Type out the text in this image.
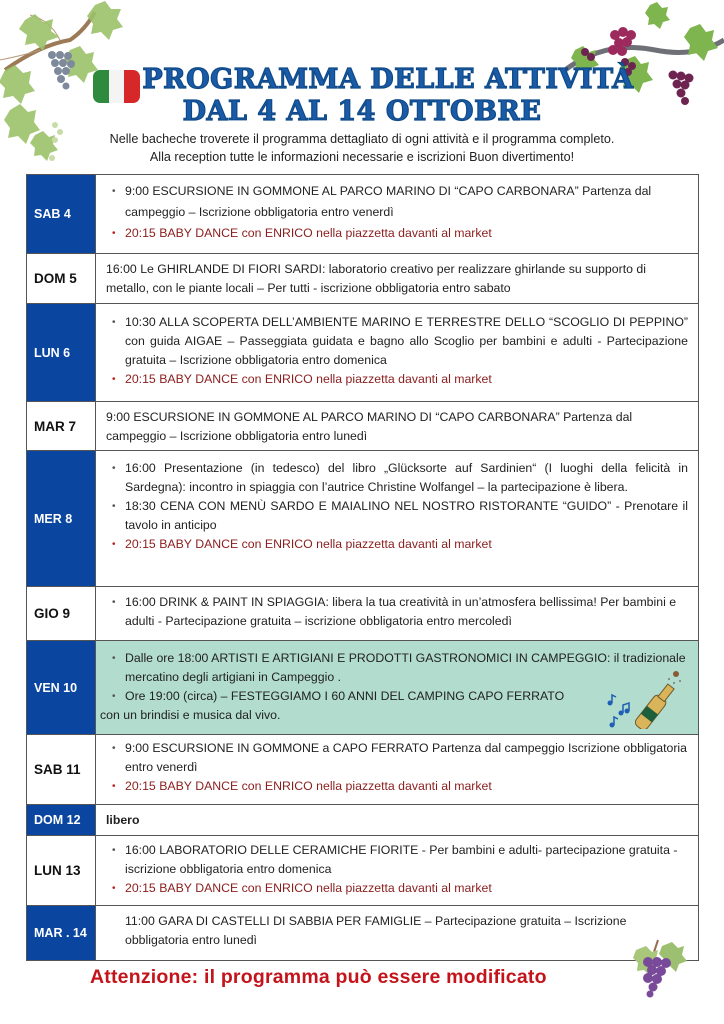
PROGRAMMA DELLE ATTIVITÀ
DAL 4 AL 14 OTTOBRE
Nelle bacheche troverete il programma dettagliato di ogni attività e il programma completo.
Alla reception tutte le informazioni necessarie e iscrizioni Buon divertimento!
SAB 4
• 9:00 ESCURSIONE IN GOMMONE AL PARCO MARINO DI “CAPO CARBONARA” Partenza dal campeggio – Iscrizione obbligatoria entro venerdì
• 20:15 BABY DANCE con ENRICO nella piazzetta davanti al market
DOM 5
16:00 Le GHIRLANDE DI FIORI SARDI: laboratorio creativo per realizzare ghirlande su supporto di metallo, con le piante locali – Per tutti - iscrizione obbligatoria entro sabato
LUN 6
• 10:30 ALLA SCOPERTA DELL’AMBIENTE MARINO E TERRESTRE DELLO “SCOGLIO DI PEPPINO” con guida AIGAE – Passeggiata guidata e bagno allo Scoglio per bambini e adulti - Partecipazione gratuita – Iscrizione obbligatoria entro domenica
• 20:15 BABY DANCE con ENRICO nella piazzetta davanti al market
MAR 7
9:00 ESCURSIONE IN GOMMONE AL PARCO MARINO DI “CAPO CARBONARA” Partenza dal campeggio – Iscrizione obbligatoria entro lunedì
MER 8
• 16:00 Presentazione (in tedesco) del libro „Glücksorte auf Sardinien“ (I luoghi della felicità in Sardegna): incontro in spiaggia con l’autrice Christine Wolfangel – la partecipazione è libera.
• 18:30 CENA CON MENÙ SARDO E MAIALINO NEL NOSTRO RISTORANTE “GUIDO” - Prenotare il tavolo in anticipo
• 20:15 BABY DANCE con ENRICO nella piazzetta davanti al market
GIO 9
• 16:00 DRINK & PAINT IN SPIAGGIA: libera la tua creatività in un’atmosfera bellissima! Per bambini e adulti - Partecipazione gratuita – iscrizione obbligatoria entro mercoledì
VEN 10
• Dalle ore 18:00 ARTISTI E ARTIGIANI E PRODOTTI GASTRONOMICI IN CAMPEGGIO: il tradizionale mercatino degli artigiani in Campeggio .
• Ore 19:00 (circa) – FESTEGGIAMO I 60 ANNI DEL CAMPING CAPO FERRATO
con un brindisi e musica dal vivo.
SAB 11
• 9:00 ESCURSIONE IN GOMMONE a CAPO FERRATO Partenza dal campeggio Iscrizione obbligatoria entro venerdì
• 20:15 BABY DANCE con ENRICO nella piazzetta davanti al market
DOM 12	libero
LUN 13
• 16:00 LABORATORIO DELLE CERAMICHE FIORITE - Per bambini e adulti- partecipazione gratuita - iscrizione obbligatoria entro domenica
• 20:15 BABY DANCE con ENRICO nella piazzetta davanti al market
MAR . 14
11:00 GARA DI CASTELLI DI SABBIA PER FAMIGLIE – Partecipazione gratuita – Iscrizione obbligatoria entro lunedì
Attenzione: il programma può essere modificato
